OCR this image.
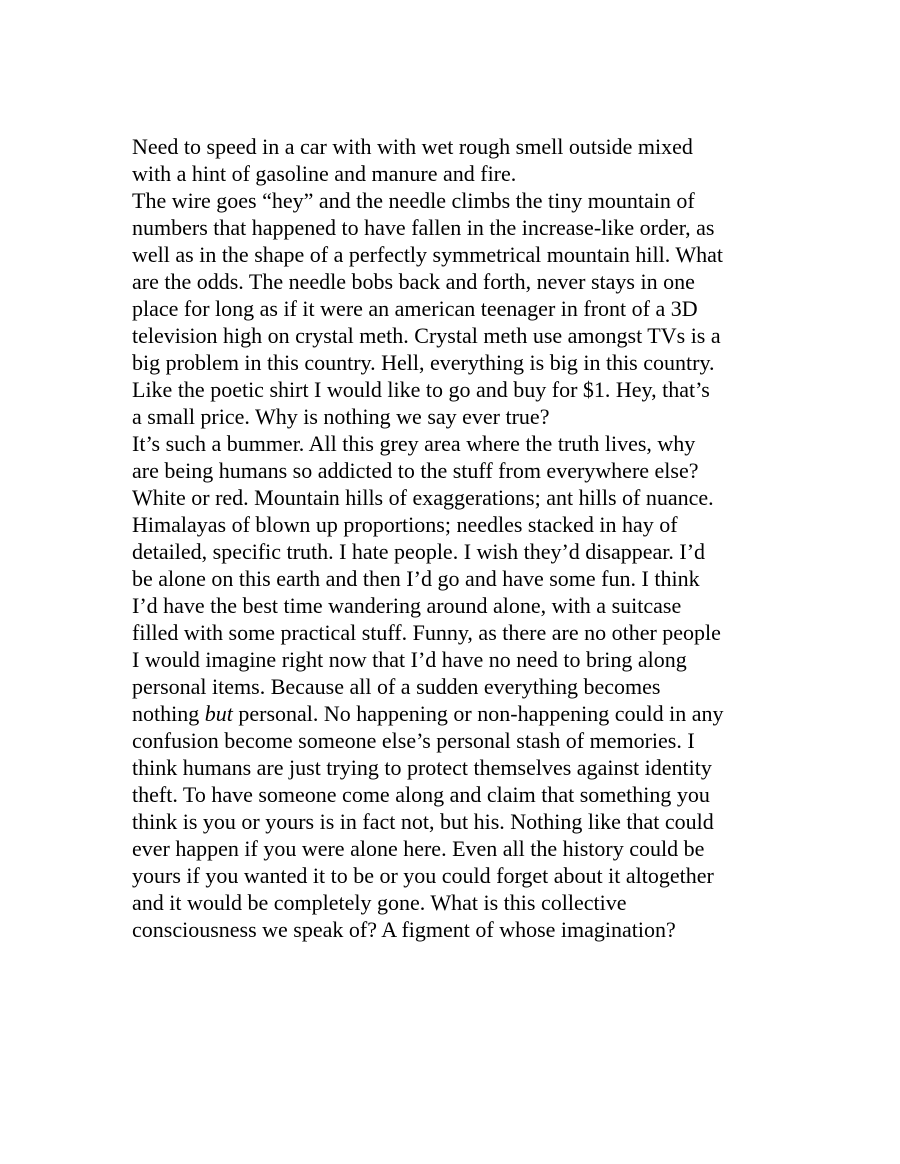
Need to speed in a car with with wet rough smell outside mixed
with a hint of gasoline and manure and fire.
The wire goes “hey” and the needle climbs the tiny mountain of
numbers that happened to have fallen in the increase-like order, as
well as in the shape of a perfectly symmetrical mountain hill. What
are the odds. The needle bobs back and forth, never stays in one
place for long as if it were an american teenager in front of a 3D
television high on crystal meth. Crystal meth use amongst TVs is a
big problem in this country. Hell, everything is big in this country.
Like the poetic shirt I would like to go and buy for $1. Hey, that’s
a small price. Why is nothing we say ever true?
It’s such a bummer. All this grey area where the truth lives, why
are being humans so addicted to the stuff from everywhere else?
White or red. Mountain hills of exaggerations; ant hills of nuance.
Himalayas of blown up proportions; needles stacked in hay of
detailed, specific truth. I hate people. I wish they’d disappear. I’d
be alone on this earth and then I’d go and have some fun. I think
I’d have the best time wandering around alone, with a suitcase
filled with some practical stuff. Funny, as there are no other people
I would imagine right now that I’d have no need to bring along
personal items. Because all of a sudden everything becomes
nothing but personal. No happening or non-happening could in any
confusion become someone else’s personal stash of memories. I
think humans are just trying to protect themselves against identity
theft. To have someone come along and claim that something you
think is you or yours is in fact not, but his. Nothing like that could
ever happen if you were alone here. Even all the history could be
yours if you wanted it to be or you could forget about it altogether
and it would be completely gone. What is this collective
consciousness we speak of? A figment of whose imagination?
